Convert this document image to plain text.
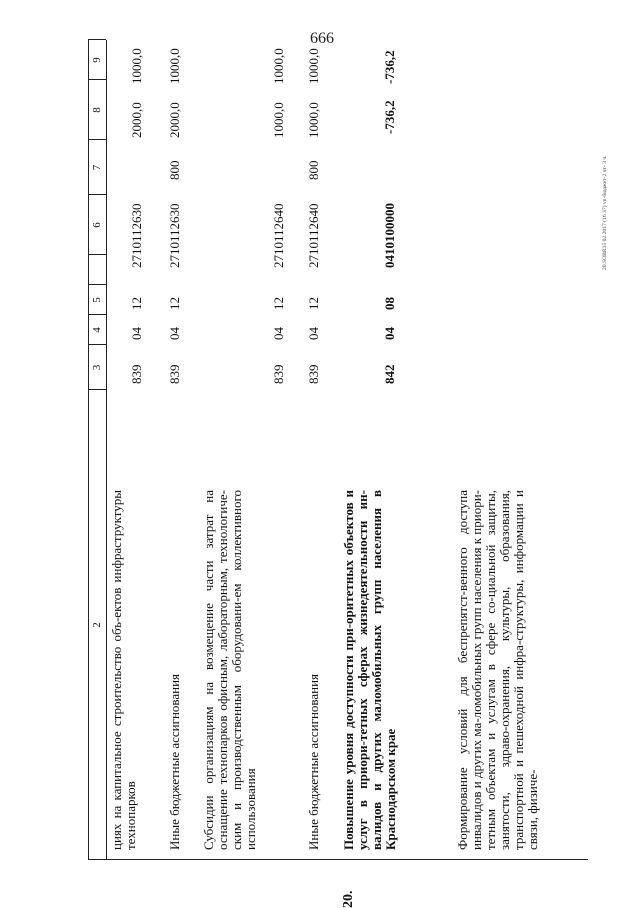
666
20.SOBR15 02.2017 (16 37) vn-бюджет-2 чт- 3 ч.
2
3
4
5
6
7
8
9
циях на капитальное строительство объ-ектов инфраструктуры технопарков
839
04
12
2710112630
2000,0
1000,0
Иные бюджетные ассигнования
839
04
12
2710112630
800
2000,0
1000,0
Субсидии организациям на возмещение части затрат на оснащение технопарков офисным, лабораторным, технологиче-ским и производственным оборудовани-ем коллективного использования
839
04
12
2710112640
1000,0
1000,0
Иные бюджетные ассигнования
839
04
12
2710112640
800
1000,0
1000,0
20.
Повышение уровня доступности при-оритетных объектов и услуг в приори-тетных сферах жизнедеятельности ин-валидов и других маломобильных групп населения в Краснодарском крае
842
04
08
0410100000
-736,2
-736,2
Формирование условий для беспрепятст-венного доступа инвалидов и других ма-ломобильных групп населения к приори-тетным объектам и услугам в сфере со-циальной защиты, занятости, здраво-охранения, культуры, образования, транспортной и пешеходной инфра-структуры, информации и связи, физиче-
